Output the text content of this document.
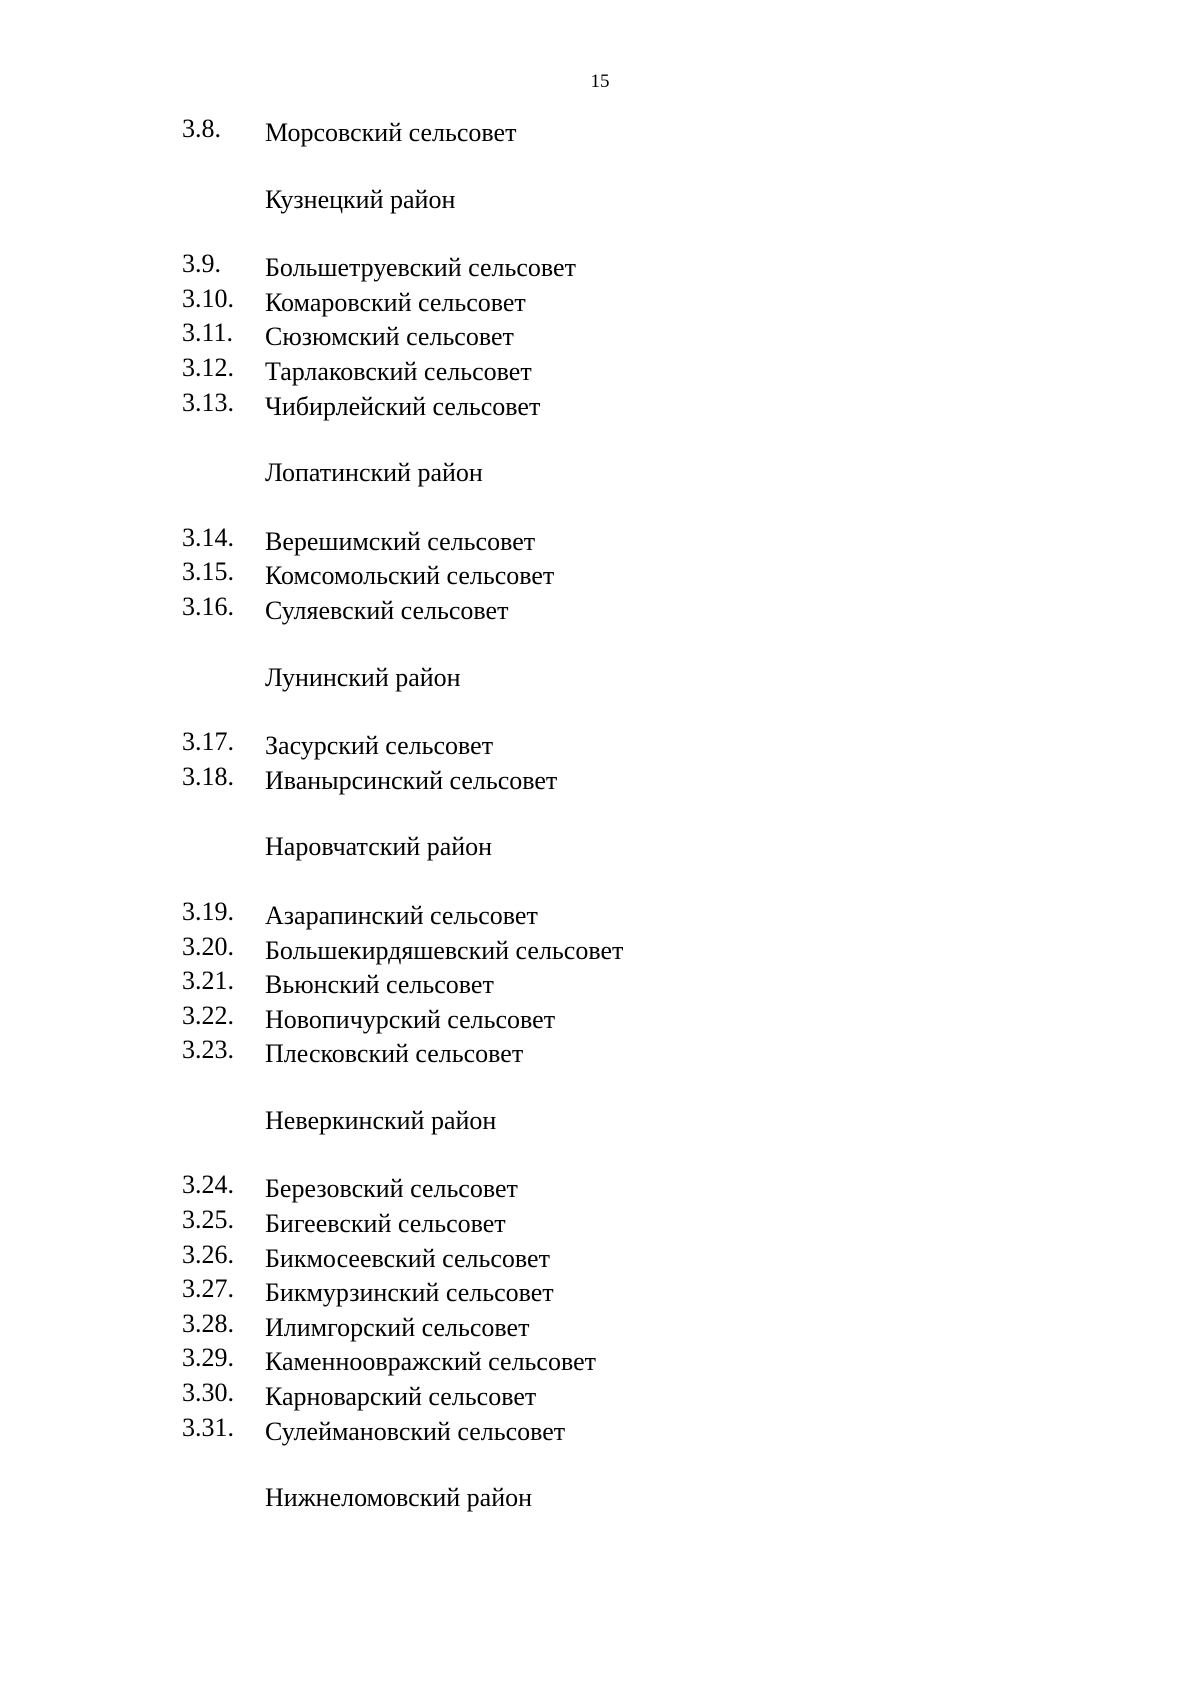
15
3.8. Морсовский сельсовет
Кузнецкий район
3.9. Большетруевский сельсовет
3.10. Комаровский сельсовет
3.11. Сюзюмский сельсовет
3.12. Тарлаковский сельсовет
3.13. Чибирлейский сельсовет
Лопатинский район
3.14. Верешимский сельсовет
3.15. Комсомольский сельсовет
3.16. Суляевский сельсовет
Лунинский район
3.17. Засурский сельсовет
3.18. Иванырсинский сельсовет
Наровчатский район
3.19. Азарапинский сельсовет
3.20. Большекирдяшевский сельсовет
3.21. Вьюнский сельсовет
3.22. Новопичурский сельсовет
3.23. Плесковский сельсовет
Неверкинский район
3.24. Березовский сельсовет
3.25. Бигеевский сельсовет
3.26. Бикмосеевский сельсовет
3.27. Бикмурзинский сельсовет
3.28. Илимгорский сельсовет
3.29. Каменнооврaжский сельсовет
3.30. Карноварский сельсовет
3.31. Сулеймановский сельсовет
Нижнеломовский район
